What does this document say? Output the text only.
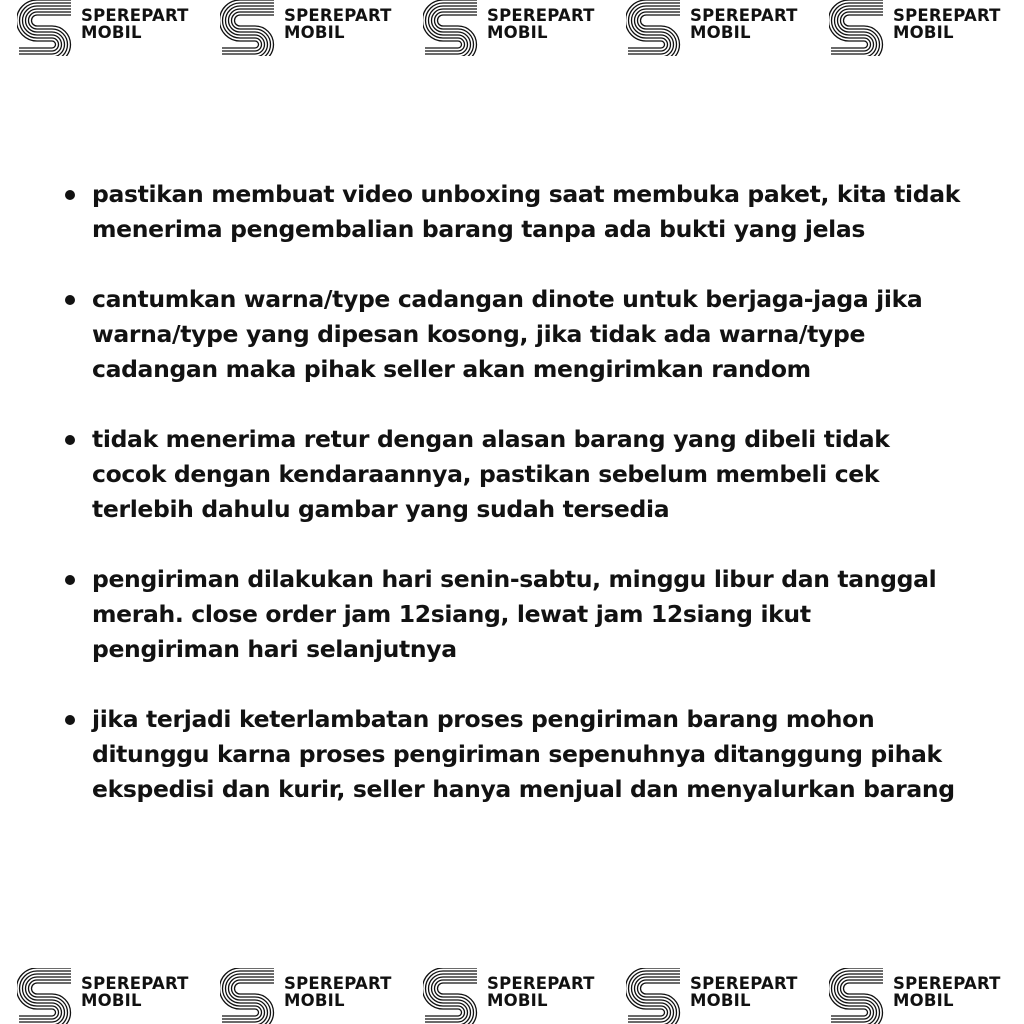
SPEREPART
MOBIL
SPEREPART
MOBIL
SPEREPART
MOBIL
SPEREPART
MOBIL
SPEREPART
MOBIL
pastikan membuat video unboxing saat membuka paket, kita tidak menerima pengembalian barang tanpa ada bukti yang jelas
cantumkan warna/type cadangan dinote untuk berjaga-jaga jika warna/type yang dipesan kosong, jika tidak ada warna/type cadangan maka pihak seller akan mengirimkan random
tidak menerima retur dengan alasan barang yang dibeli tidak cocok dengan kendaraannya, pastikan sebelum membeli cek terlebih dahulu gambar yang sudah tersedia
pengiriman dilakukan hari senin-sabtu, minggu libur dan tanggal merah. close order jam 12siang, lewat jam 12siang ikut pengiriman hari selanjutnya
jika terjadi keterlambatan proses pengiriman barang mohon ditunggu karna proses pengiriman sepenuhnya ditanggung pihak ekspedisi dan kurir, seller hanya menjual dan menyalurkan barang
SPEREPART
MOBIL
SPEREPART
MOBIL
SPEREPART
MOBIL
SPEREPART
MOBIL
SPEREPART
MOBIL
